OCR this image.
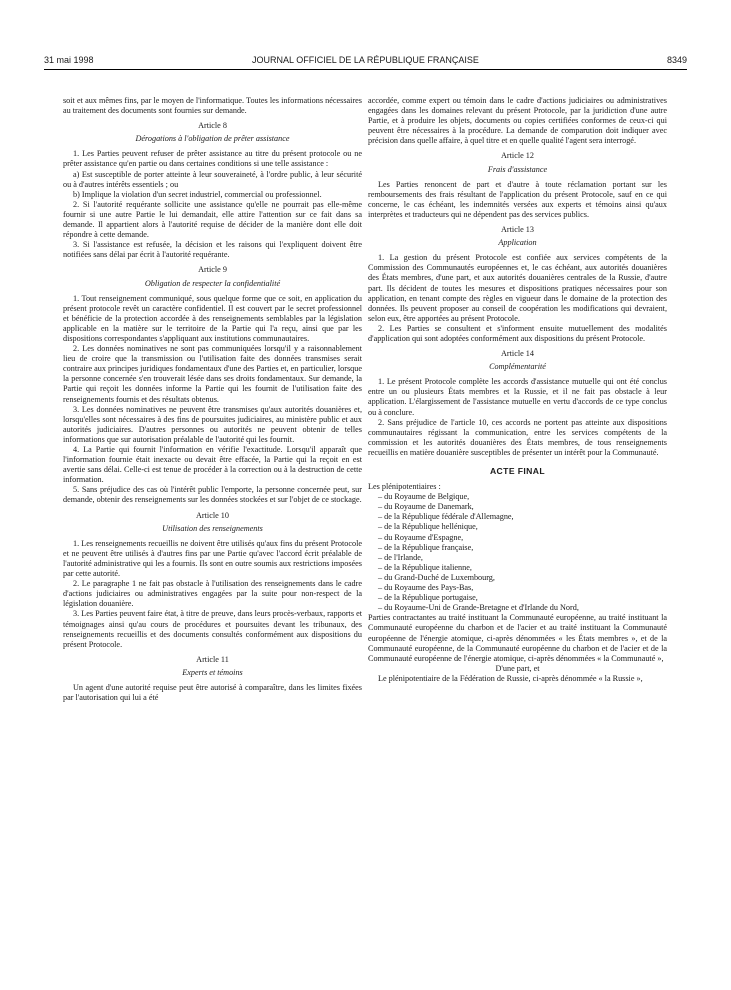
31 mai 1998	JOURNAL OFFICIEL DE LA RÉPUBLIQUE FRANÇAISE	8349

soit et aux mêmes fins, par le moyen de l'informatique. Toutes les informations nécessaires au traitement des documents sont fournies sur demande.

Article 8
Dérogations à l'obligation de prêter assistance

1. Les Parties peuvent refuser de prêter assistance au titre du présent protocole ou ne prêter assistance qu'en partie ou dans certaines conditions si une telle assistance :

a) Est susceptible de porter atteinte à leur souveraineté, à l'ordre public, à leur sécurité ou à d'autres intérêts essentiels ; ou

b) Implique la violation d'un secret industriel, commercial ou professionnel.

2. Si l'autorité requérante sollicite une assistance qu'elle ne pourrait pas elle-même fournir si une autre Partie le lui demandait, elle attire l'attention sur ce fait dans sa demande. Il appartient alors à l'autorité requise de décider de la manière dont elle doit répondre à cette demande.

3. Si l'assistance est refusée, la décision et les raisons qui l'expliquent doivent être notifiées sans délai par écrit à l'autorité requérante.

Article 9
Obligation de respecter la confidentialité

1. Tout renseignement communiqué, sous quelque forme que ce soit, en application du présent protocole revêt un caractère confidentiel. Il est couvert par le secret professionnel et bénéficie de la protection accordée à des renseignements semblables par la législation applicable en la matière sur le territoire de la Partie qui l'a reçu, ainsi que par les dispositions correspondantes s'appliquant aux institutions communautaires.

2. Les données nominatives ne sont pas communiquées lorsqu'il y a raisonnablement lieu de croire que la transmission ou l'utilisation faite des données transmises serait contraire aux principes juridiques fondamentaux d'une des Parties et, en particulier, lorsque la personne concernée s'en trouverait lésée dans ses droits fondamentaux. Sur demande, la Partie qui reçoit les données informe la Partie qui les fournit de l'utilisation faite des renseignements fournis et des résultats obtenus.

3. Les données nominatives ne peuvent être transmises qu'aux autorités douanières et, lorsqu'elles sont nécessaires à des fins de poursuites judiciaires, au ministère public et aux autorités judiciaires. D'autres personnes ou autorités ne peuvent obtenir de telles informations que sur autorisation préalable de l'autorité qui les fournit.

4. La Partie qui fournit l'information en vérifie l'exactitude. Lorsqu'il apparaît que l'information fournie était inexacte ou devait être effacée, la Partie qui la reçoit en est avertie sans délai. Celle-ci est tenue de procéder à la correction ou à la destruction de cette information.

5. Sans préjudice des cas où l'intérêt public l'emporte, la personne concernée peut, sur demande, obtenir des renseignements sur les données stockées et sur l'objet de ce stockage.

Article 10
Utilisation des renseignements

1. Les renseignements recueillis ne doivent être utilisés qu'aux fins du présent Protocole et ne peuvent être utilisés à d'autres fins par une Partie qu'avec l'accord écrit préalable de l'autorité administrative qui les a fournis. Ils sont en outre soumis aux restrictions imposées par cette autorité.

2. Le paragraphe 1 ne fait pas obstacle à l'utilisation des renseignements dans le cadre d'actions judiciaires ou administratives engagées par la suite pour non-respect de la législation douanière.

3. Les Parties peuvent faire état, à titre de preuve, dans leurs procès-verbaux, rapports et témoignages ainsi qu'au cours de procédures et poursuites devant les tribunaux, des renseignements recueillis et des documents consultés conformément aux dispositions du présent Protocole.

Article 11
Experts et témoins

Un agent d'une autorité requise peut être autorisé à comparaître, dans les limites fixées par l'autorisation qui lui a été

accordée, comme expert ou témoin dans le cadre d'actions judiciaires ou administratives engagées dans les domaines relevant du présent Protocole, par la juridiction d'une autre Partie, et à produire les objets, documents ou copies certifiées conformes de ceux-ci qui peuvent être nécessaires à la procédure. La demande de comparution doit indiquer avec précision dans quelle affaire, à quel titre et en quelle qualité l'agent sera interrogé.

Article 12
Frais d'assistance

Les Parties renoncent de part et d'autre à toute réclamation portant sur les remboursements des frais résultant de l'application du présent Protocole, sauf en ce qui concerne, le cas échéant, les indemnités versées aux experts et témoins ainsi qu'aux interprètes et traducteurs qui ne dépendent pas des services publics.

Article 13
Application

1. La gestion du présent Protocole est confiée aux services compétents de la Commission des Communautés européennes et, le cas échéant, aux autorités douanières des États membres, d'une part, et aux autorités douanières centrales de la Russie, d'autre part. Ils décident de toutes les mesures et dispositions pratiques nécessaires pour son application, en tenant compte des règles en vigueur dans le domaine de la protection des données. Ils peuvent proposer au conseil de coopération les modifications qui devraient, selon eux, être apportées au présent Protocole.

2. Les Parties se consultent et s'informent ensuite mutuellement des modalités d'application qui sont adoptées conformément aux dispositions du présent Protocole.

Article 14
Complémentarité

1. Le présent Protocole complète les accords d'assistance mutuelle qui ont été conclus entre un ou plusieurs États membres et la Russie, et il ne fait pas obstacle à leur application. L'élargissement de l'assistance mutuelle en vertu d'accords de ce type conclus ou à conclure.

2. Sans préjudice de l'article 10, ces accords ne portent pas atteinte aux dispositions communautaires régissant la communication, entre les services compétents de la commission et les autorités douanières des États membres, de tous renseignements recueillis en matière douanière susceptibles de présenter un intérêt pour la Communauté.

ACTE FINAL

Les plénipotentiaires :

– du Royaume de Belgique,
– du Royaume de Danemark,
– de la République fédérale d'Allemagne,
– de la République hellénique,
– du Royaume d'Espagne,
– de la République française,
– de l'Irlande,
– de la République italienne,
– du Grand-Duché de Luxembourg,
– du Royaume des Pays-Bas,
– de la République portugaise,
– du Royaume-Uni de Grande-Bretagne et d'Irlande du Nord,

Parties contractantes au traité instituant la Communauté européenne, au traité instituant la Communauté européenne du charbon et de l'acier et au traité instituant la Communauté européenne de l'énergie atomique, ci-après dénommées « les États membres », et de la Communauté européenne, de la Communauté européenne du charbon et de l'acier et de la Communauté européenne de l'énergie atomique, ci-après dénommées « la Communauté »,

D'une part, et

Le plénipotentiaire de la Fédération de Russie, ci-après dénommée « la Russie »,
